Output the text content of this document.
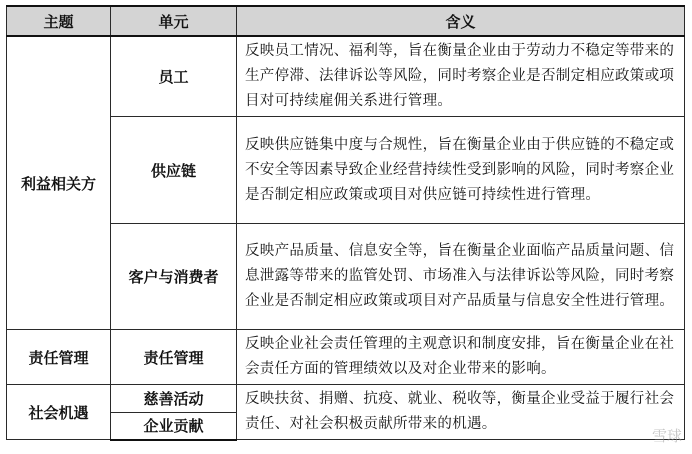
主题	单元	含义
利益相关方	员工	反映员工情况、福利等，旨在衡量企业由于劳动力不稳定等带来的生产停滞、法律诉讼等风险，同时考察企业是否制定相应政策或项目对可持续雇佣关系进行管理。
	供应链	反映供应链集中度与合规性，旨在衡量企业由于供应链的不稳定或不安全等因素导致企业经营持续性受到影响的风险，同时考察企业是否制定相应政策或项目对供应链可持续性进行管理。
	客户与消费者	反映产品质量、信息安全等，旨在衡量企业面临产品质量问题、信息泄露等带来的监管处罚、市场准入与法律诉讼等风险，同时考察企业是否制定相应政策或项目对产品质量与信息安全性进行管理。
责任管理	责任管理	反映企业社会责任管理的主观意识和制度安排，旨在衡量企业在社会责任方面的管理绩效以及对企业带来的影响。
社会机遇	慈善活动	反映扶贫、捐赠、抗疫、就业、税收等，衡量企业受益于履行社会责任、对社会积极贡献所带来的机遇。
	企业贡献	
雪球
